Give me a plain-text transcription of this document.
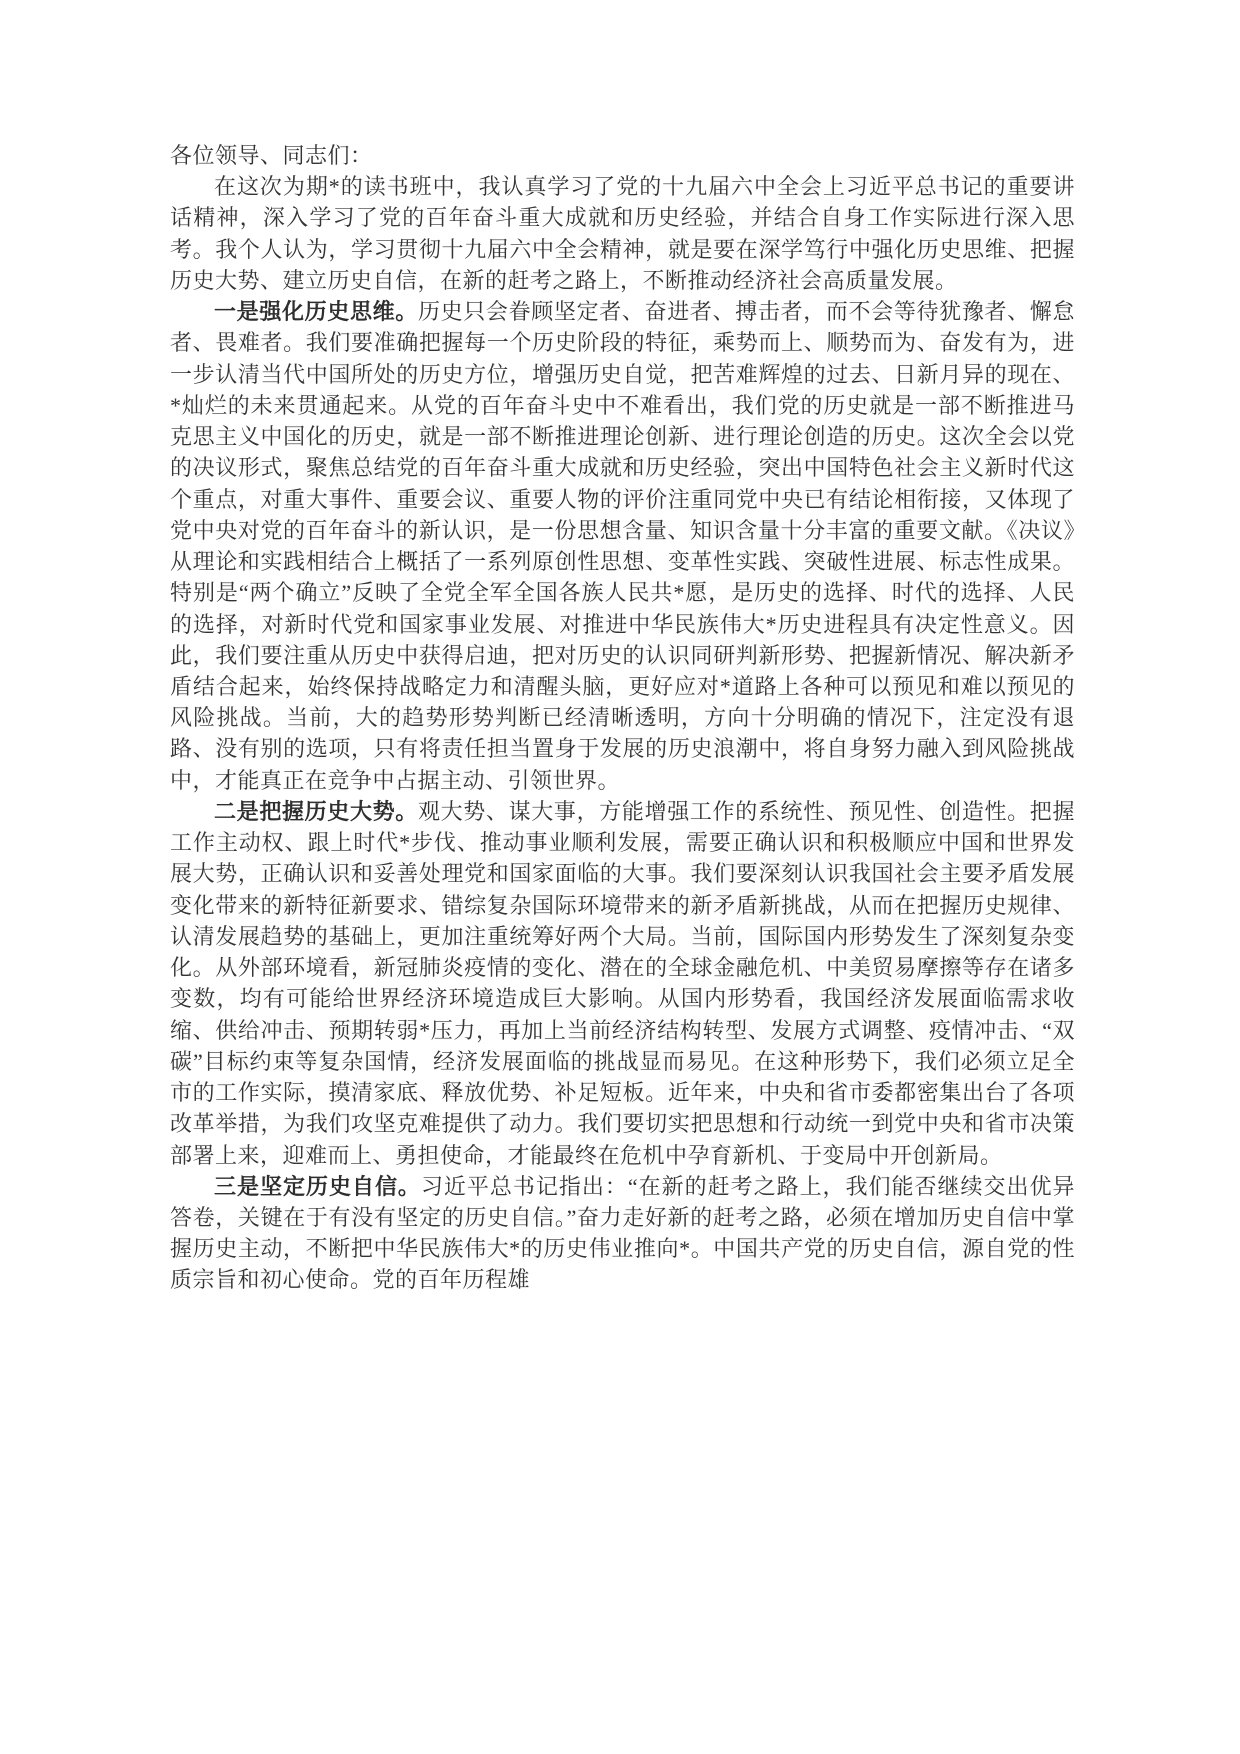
各位领导、同志们：

在这次为期*的读书班中，我认真学习了党的十九届六中全会上习近平总书记的重要讲话精神，深入学习了党的百年奋斗重大成就和历史经验，并结合自身工作实际进行深入思考。我个人认为，学习贯彻十九届六中全会精神，就是要在深学笃行中强化历史思维、把握历史大势、建立历史自信，在新的赶考之路上，不断推动经济社会高质量发展。

一是强化历史思维。历史只会眷顾坚定者、奋进者、搏击者，而不会等待犹豫者、懈怠者、畏难者。我们要准确把握每一个历史阶段的特征，乘势而上、顺势而为、奋发有为，进一步认清当代中国所处的历史方位，增强历史自觉，把苦难辉煌的过去、日新月异的现在、*灿烂的未来贯通起来。从党的百年奋斗史中不难看出，我们党的历史就是一部不断推进马克思主义中国化的历史，就是一部不断推进理论创新、进行理论创造的历史。这次全会以党的决议形式，聚焦总结党的百年奋斗重大成就和历史经验，突出中国特色社会主义新时代这个重点，对重大事件、重要会议、重要人物的评价注重同党中央已有结论相衔接，又体现了党中央对党的百年奋斗的新认识，是一份思想含量、知识含量十分丰富的重要文献。《决议》从理论和实践相结合上概括了一系列原创性思想、变革性实践、突破性进展、标志性成果。特别是“两个确立”反映了全党全军全国各族人民共*愿，是历史的选择、时代的选择、人民的选择，对新时代党和国家事业发展、对推进中华民族伟大*历史进程具有决定性意义。因此，我们要注重从历史中获得启迪，把对历史的认识同研判新形势、把握新情况、解决新矛盾结合起来，始终保持战略定力和清醒头脑，更好应对*道路上各种可以预见和难以预见的风险挑战。当前，大的趋势形势判断已经清晰透明，方向十分明确的情况下，注定没有退路、没有别的选项，只有将责任担当置身于发展的历史浪潮中，将自身努力融入到风险挑战中，才能真正在竞争中占据主动、引领世界。

二是把握历史大势。观大势、谋大事，方能增强工作的系统性、预见性、创造性。把握工作主动权、跟上时代*步伐、推动事业顺利发展，需要正确认识和积极顺应中国和世界发展大势，正确认识和妥善处理党和国家面临的大事。我们要深刻认识我国社会主要矛盾发展变化带来的新特征新要求、错综复杂国际环境带来的新矛盾新挑战，从而在把握历史规律、认清发展趋势的基础上，更加注重统筹好两个大局。当前，国际国内形势发生了深刻复杂变化。从外部环境看，新冠肺炎疫情的变化、潜在的全球金融危机、中美贸易摩擦等存在诸多变数，均有可能给世界经济环境造成巨大影响。从国内形势看，我国经济发展面临需求收缩、供给冲击、预期转弱*压力，再加上当前经济结构转型、发展方式调整、疫情冲击、“双碳”目标约束等复杂国情，经济发展面临的挑战显而易见。在这种形势下，我们必须立足全市的工作实际，摸清家底、释放优势、补足短板。近年来，中央和省市委都密集出台了各项改革举措，为我们攻坚克难提供了动力。我们要切实把思想和行动统一到党中央和省市决策部署上来，迎难而上、勇担使命，才能最终在危机中孕育新机、于变局中开创新局。

三是坚定历史自信。习近平总书记指出：“在新的赶考之路上，我们能否继续交出优异答卷，关键在于有没有坚定的历史自信。”奋力走好新的赶考之路，必须在增加历史自信中掌握历史主动，不断把中华民族伟大*的历史伟业推向*。中国共产党的历史自信，源自党的性质宗旨和初心使命。党的百年历程雄
